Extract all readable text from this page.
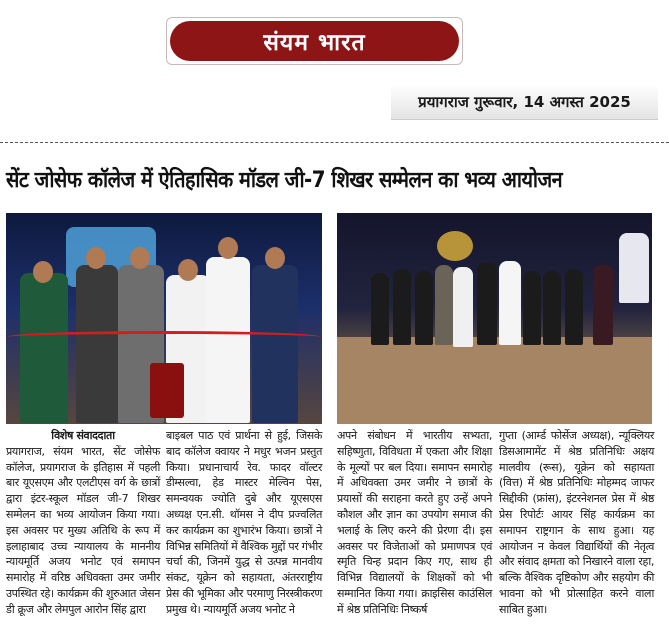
संयम भारत
प्रयागराज गुरूवार, 14 अगस्त 2025
सेंट जोसेफ कॉलेज में ऐतिहासिक मॉडल जी-7 शिखर सम्मेलन का भव्य आयोजन
विशेष संवाददाता
प्रयागराज, संयम भारत, सेंट जोसेफ कॉलेज, प्रयागराज के इतिहास में पहली बार यूएसएम और एलटीएस वर्ग के छात्रों द्वारा इंटर-स्कूल मॉडल जी-7 शिखर सम्मेलन का भव्य आयोजन किया गया। इस अवसर पर मुख्य अतिथि के रूप में इलाहाबाद उच्च न्यायालय के माननीय न्यायमूर्ति अजय भनोट एवं समापन समारोह में वरिष्ठ अधिवक्ता उमर जमीर उपस्थित रहे। कार्यक्रम की शुरुआत जेसन डी क्रूज और लेमपुल आरोन सिंह द्वारा
बाइबल पाठ एवं प्रार्थना से हुई, जिसके बाद कॉलेज क्वायर ने मधुर भजन प्रस्तुत किया। प्रधानाचार्य रेव. फादर वॉल्टर डीम्सल्वा, हेड मास्टर मेल्विन पेस, समन्वयक ज्योति दुबे और यूएसएस अध्यक्ष एन.सी. थॉमस ने दीप प्रज्वलित कर कार्यक्रम का शुभारंभ किया। छात्रों ने विभिन्न समितियों में वैश्विक मुद्दों पर गंभीर चर्चा की, जिनमें युद्ध से उत्पन्न मानवीय संकट, यूक्रेन को सहायता, अंतरराष्ट्रीय प्रेस की भूमिका और परमाणु निरस्त्रीकरण प्रमुख थे। न्यायमूर्ति अजय भनोट ने
अपने संबोधन में भारतीय सभ्यता, सहिष्णुता, विविधता में एकता और शिक्षा के मूल्यों पर बल दिया। समापन समारोह में अधिवक्ता उमर जमीर ने छात्रों के प्रयासों की सराहना करते हुए उन्हें अपने कौशल और ज्ञान का उपयोग समाज की भलाई के लिए करने की प्रेरणा दी। इस अवसर पर विजेताओं को प्रमाणपत्र एवं स्मृति चिन्ह प्रदान किए गए, साथ ही विभिन्न विद्यालयों के शिक्षकों को भी सम्मानित किया गया। क्राइसिस काउंसिल में श्रेष्ठ प्रतिनिधिः निष्कर्ष
गुप्ता (आर्म्ड फोर्सेज अध्यक्ष), न्यूक्लियर डिसआमामेंट में श्रेष्ठ प्रतिनिधिः अक्षय मालवीय (रूस), यूक्रेन को सहायता (वित्त) में श्रेष्ठ प्रतिनिधिः मोहम्मद जाफर सिद्दीकी (फ्रांस), इंटरनेशनल प्रेस में श्रेष्ठ प्रेस रिपोर्टः आयर सिंह कार्यक्रम का समापन राष्ट्रगान के साथ हुआ। यह आयोजन न केवल विद्यार्थियों की नेतृत्व और संवाद क्षमता को निखारने वाला रहा, बल्कि वैश्विक दृष्टिकोण और सहयोग की भावना को भी प्रोत्साहित करने वाला साबित हुआ।
